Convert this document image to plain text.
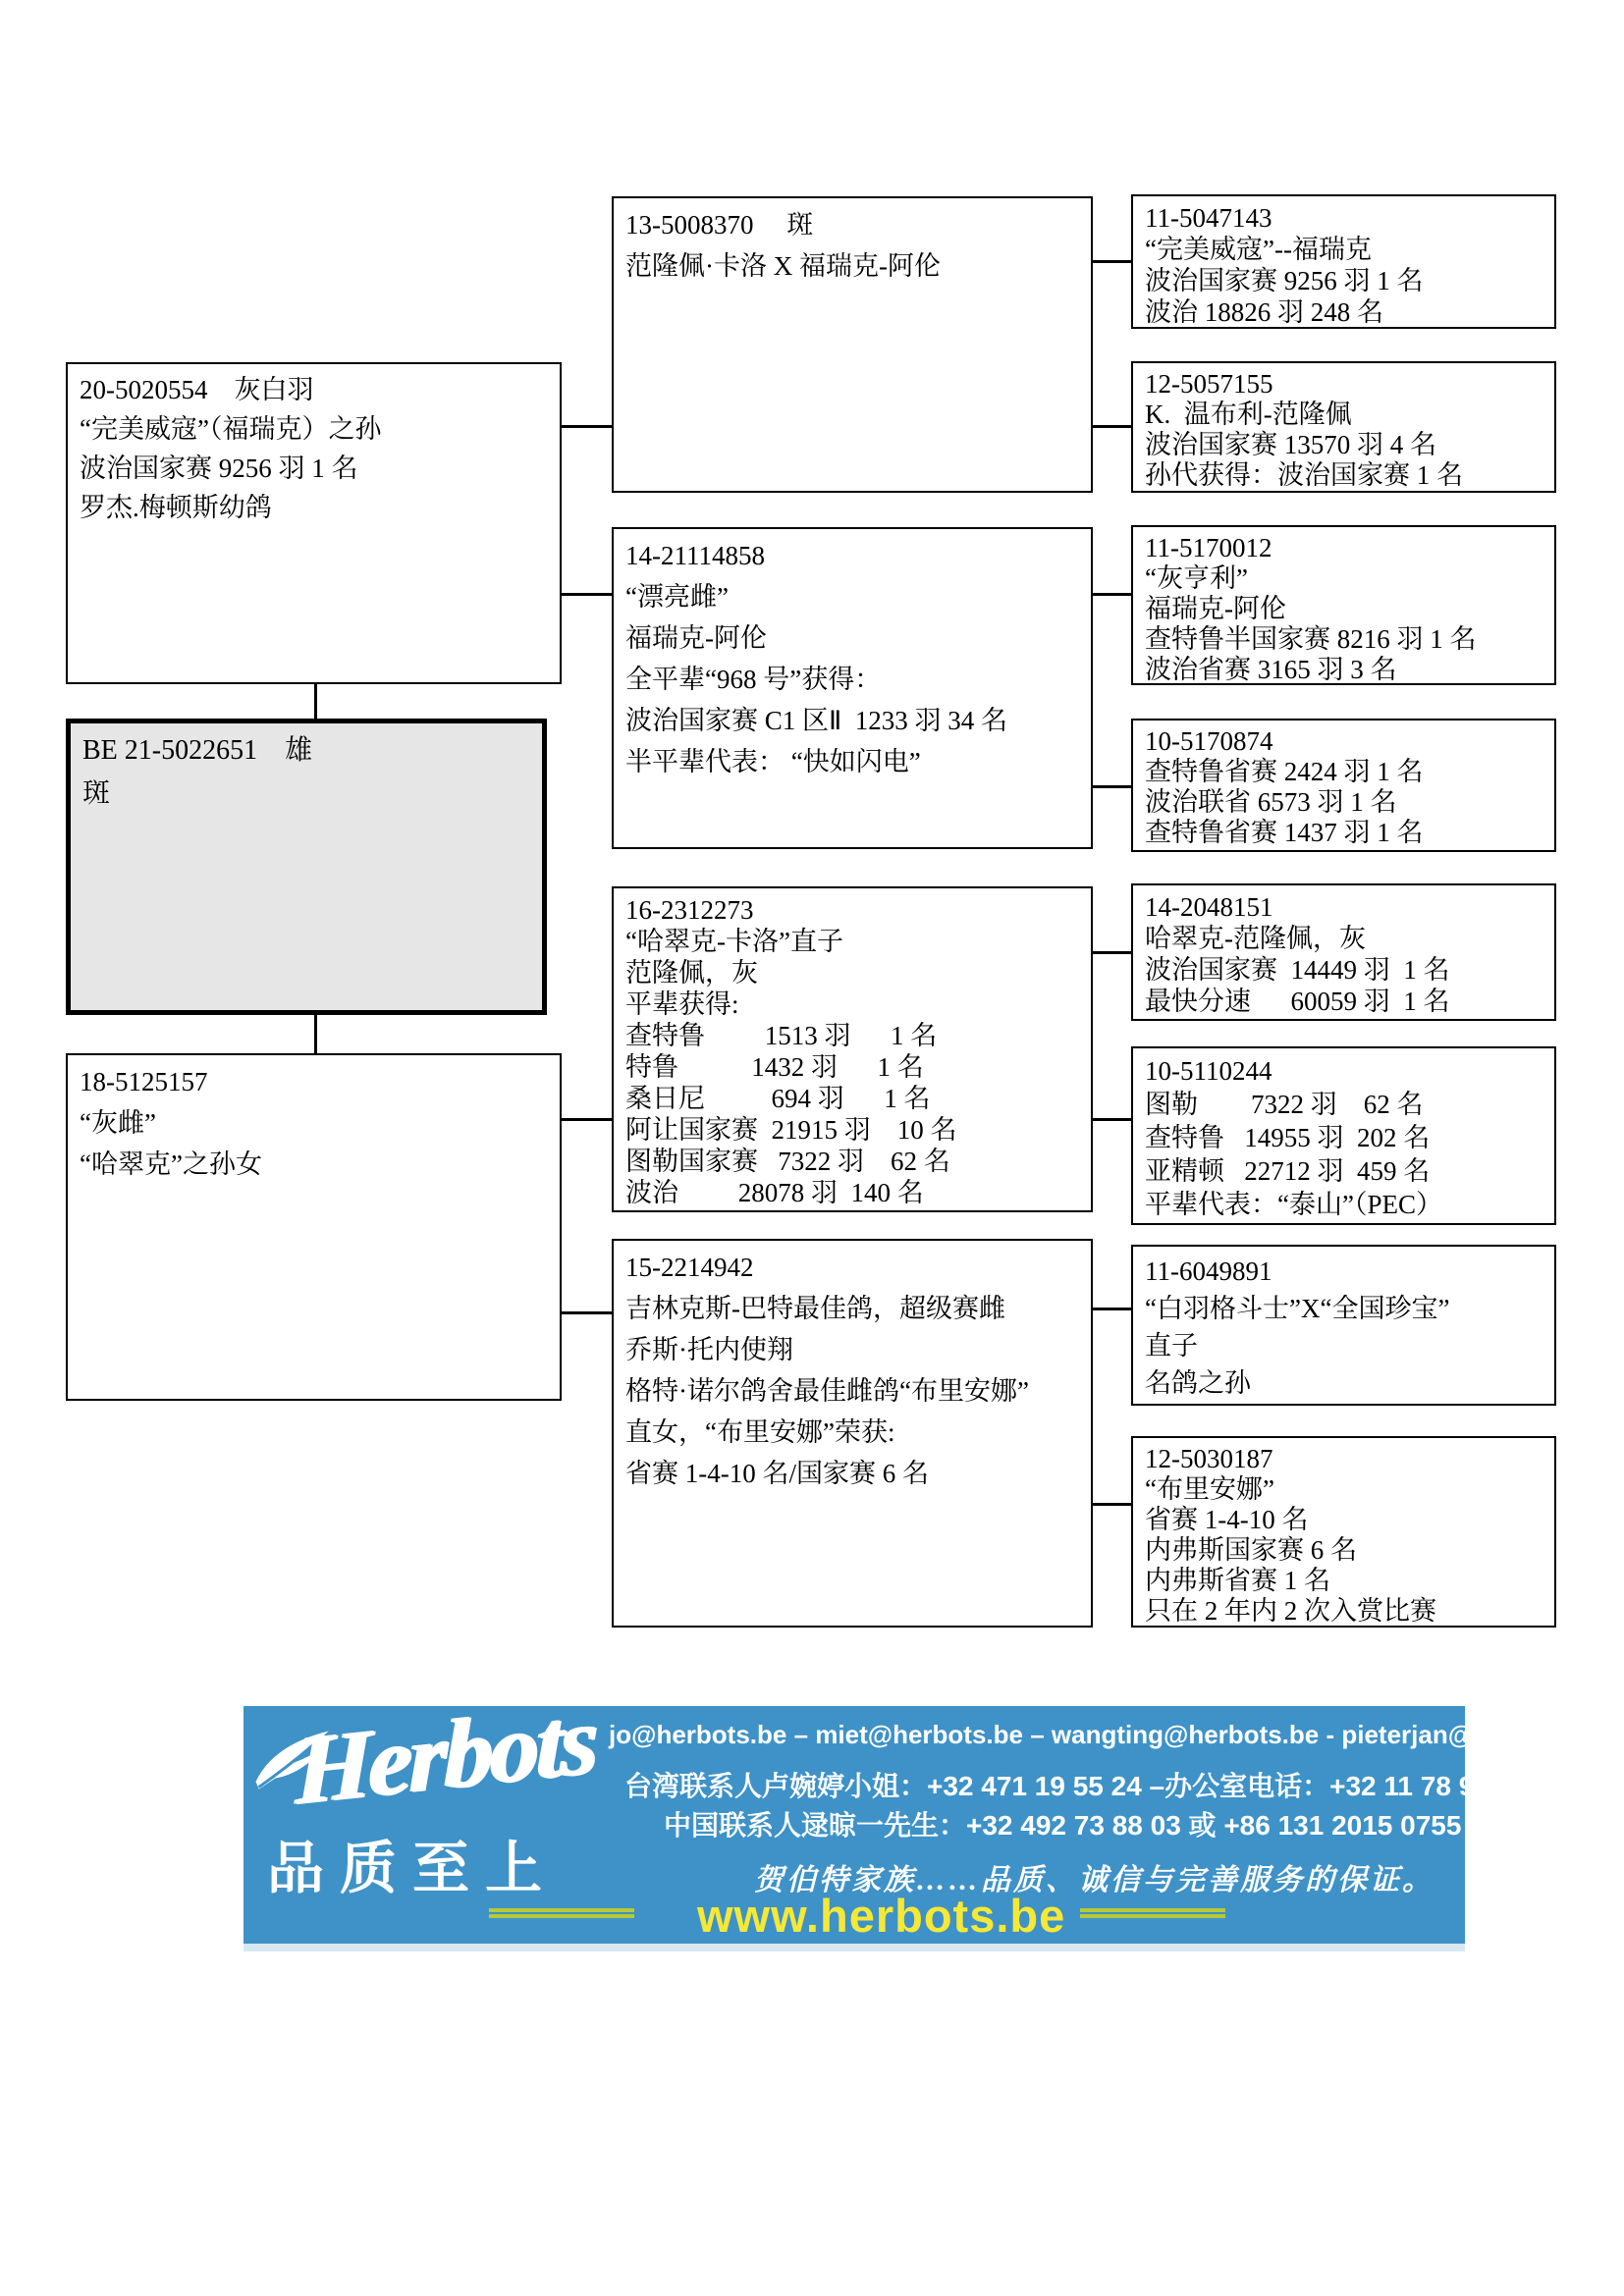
20-5020554    灰白羽
“完美威寇”（福瑞克）之孙
波治国家赛 9256 羽 1 名
罗杰.梅顿斯幼鸽
BE 21-5022651    雄
斑
18-5125157
“灰雌”
“哈翠克”之孙女
13-5008370     斑
范隆佩·卡洛 X 福瑞克-阿伦
14-21114858
“漂亮雌”
福瑞克-阿伦
全平辈“968 号”获得：
波治国家赛 C1 区Ⅱ  1233 羽 34 名
半平辈代表： “快如闪电”
16-2312273
“哈翠克-卡洛”直子
范隆佩，灰
平辈获得:
查特鲁         1513 羽      1 名
特鲁           1432 羽      1 名
桑日尼          694 羽      1 名
阿让国家赛  21915 羽    10 名
图勒国家赛   7322 羽    62 名
波治         28078 羽  140 名
15-2214942
吉林克斯-巴特最佳鸽，超级赛雌
乔斯·托内使翔
格特·诺尔鸽舍最佳雌鸽“布里安娜”
直女，“布里安娜”荣获:
省赛 1-4-10 名/国家赛 6 名
11-5047143
“完美威寇”--福瑞克
波治国家赛 9256 羽 1 名
波治 18826 羽 248 名
12-5057155
K.  温布利-范隆佩
波治国家赛 13570 羽 4 名
孙代获得：波治国家赛 1 名
11-5170012
“灰亨利”
福瑞克-阿伦
查特鲁半国家赛 8216 羽 1 名
波治省赛 3165 羽 3 名
10-5170874
查特鲁省赛 2424 羽 1 名
波治联省 6573 羽 1 名
查特鲁省赛 1437 羽 1 名
14-2048151
哈翠克-范隆佩，灰
波治国家赛  14449 羽  1 名
最快分速      60059 羽  1 名
10-5110244
图勒        7322 羽    62 名
查特鲁   14955 羽  202 名
亚精顿   22712 羽  459 名
平辈代表：“泰山”（PEC）
11-6049891
“白羽格斗士”X“全国珍宝”
直子
名鸽之孙
12-5030187
“布里安娜”
省赛 1-4-10 名
内弗斯国家赛 6 名
内弗斯省赛 1 名
只在 2 年内 2 次入赏比赛
Herbots
品质至上
jo@herbots.be – miet@herbots.be – wangting@herbots.be - pieterjan@herbots.be
台湾联系人卢婉婷小姐：+32 471 19 55 24 –办公室电话：+32 11 78 91 90
中国联系人逯晾一先生：+32 492 73 88 03 或 +86 131 2015 0755
贺伯特家族……品质、诚信与完善服务的保证。
www.herbots.be
